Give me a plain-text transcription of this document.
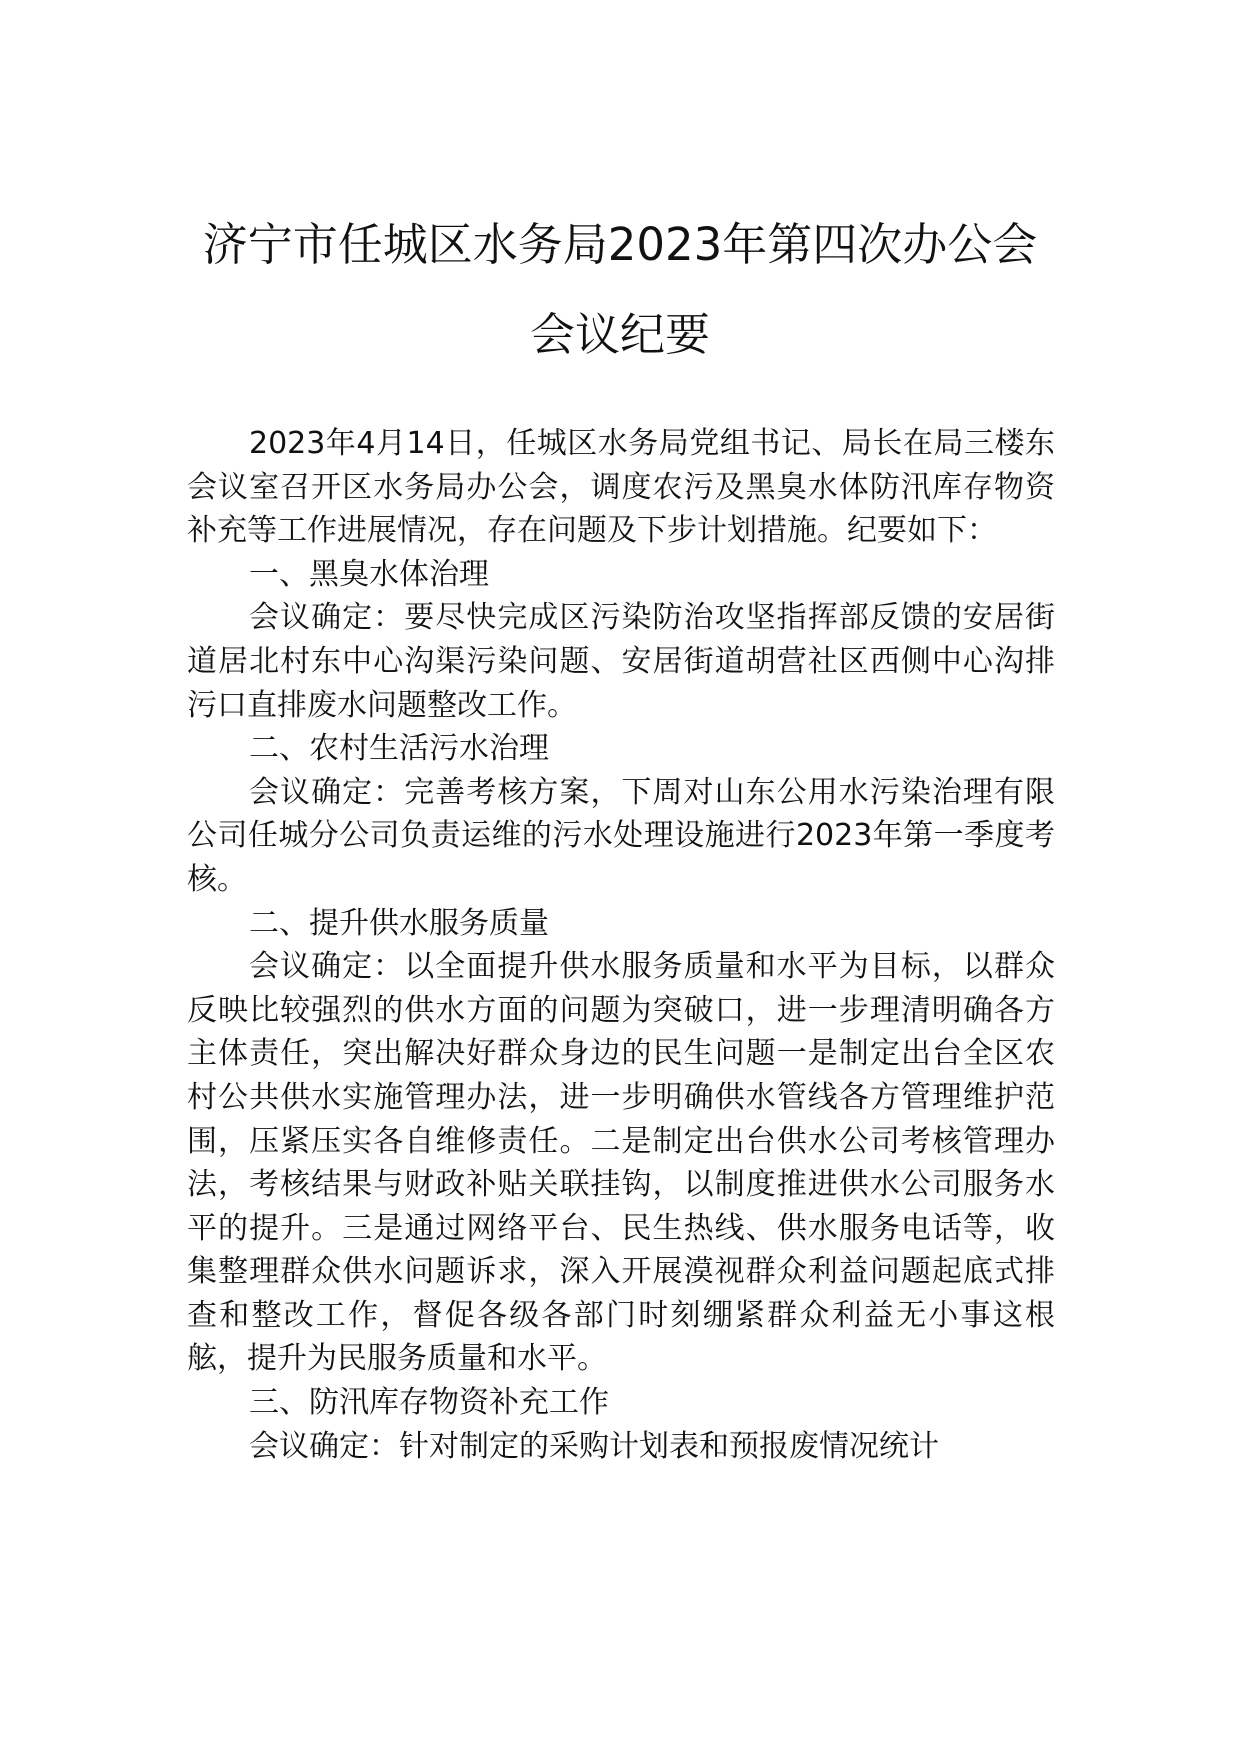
济宁市任城区水务局2023年第四次办公会
会议纪要

2023年4月14日，任城区水务局党组书记、局长在局三楼东会议室召开区水务局办公会，调度农污及黑臭水体防汛库存物资补充等工作进展情况，存在问题及下步计划措施。纪要如下：

一、黑臭水体治理

会议确定：要尽快完成区污染防治攻坚指挥部反馈的安居街道居北村东中心沟渠污染问题、安居街道胡营社区西侧中心沟排污口直排废水问题整改工作。

二、农村生活污水治理

会议确定：完善考核方案，下周对山东公用水污染治理有限公司任城分公司负责运维的污水处理设施进行2023年第一季度考核。

二、提升供水服务质量

会议确定：以全面提升供水服务质量和水平为目标，以群众反映比较强烈的供水方面的问题为突破口，进一步理清明确各方主体责任，突出解决好群众身边的民生问题一是制定出台全区农村公共供水实施管理办法，进一步明确供水管线各方管理维护范围，压紧压实各自维修责任。二是制定出台供水公司考核管理办法，考核结果与财政补贴关联挂钩，以制度推进供水公司服务水平的提升。三是通过网络平台、民生热线、供水服务电话等，收集整理群众供水问题诉求，深入开展漠视群众利益问题起底式排查和整改工作，督促各级各部门时刻绷紧群众利益无小事这根舷，提升为民服务质量和水平。

三、防汛库存物资补充工作

会议确定：针对制定的采购计划表和预报废情况统计
